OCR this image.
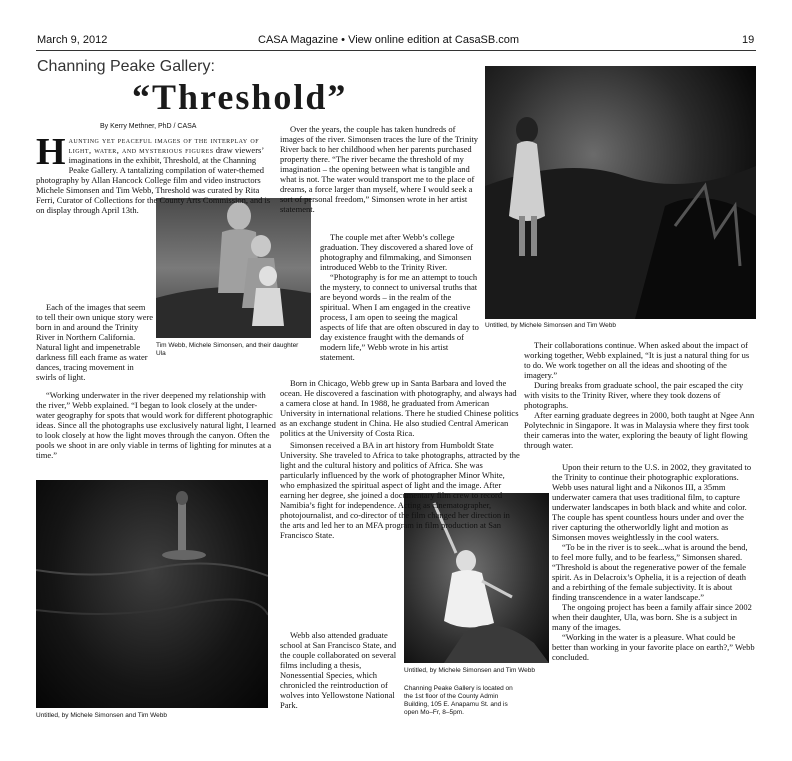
March 9, 2012	CASA Magazine • View online edition at CasaSB.com	19
Channing Peake Gallery:
“Threshold”
By Kerry Methner, PhD / CASA
Untitled, by Michele Simonsen and Tim Webb
Tim Webb, Michele Simonsen, and their daughter Ula
Untitled, by Michele Simonsen and Tim Webb
Untitled, by Michele Simonsen and Tim Webb
Channing Peake Gallery is located on the 1st floor of the County Admin Building, 105 E. Anapamu St. and is open Mo–Fr, 8–5pm.
H aunting yet peaceful images of the interplay of light, water, and mysterious figures draw viewers’ imaginations in the exhibit, Threshold, at the Channing Peake Gallery. A tantalizing compilation of water-themed photography by Allan Hancock College film and video instructors Michele Simonsen and Tim Webb, Threshold was curated by Rita Ferri, Curator of Collections for the County Arts Commission, and is on display through April 13th.

Each of the images that seem to tell their own unique story were born in and around the Trinity River in Northern California. Natural light and impenetrable darkness fill each frame as water dances, tracing movement in swirls of light.

“Working underwater in the river deepened my relationship with the river,” Webb explained. “I began to look closely at the under-water geography for spots that would work for different photographic ideas. Since all the photographs use exclusively natural light, I learned to look closely at how the light moves through the canyon. Often the pools we shoot in are only viable in terms of lighting for minutes at a time.”

Over the years, the couple has taken hundreds of images of the river. Simonsen traces the lure of the Trinity River back to her childhood when her parents purchased property there. “The river became the threshold of my imagination – the opening between what is tangible and what is not. The water would transport me to the place of dreams, a force larger than myself, where I would seek a sort of personal freedom,” Simonsen wrote in her artist statement.

The couple met after Webb’s college graduation. They discovered a shared love of photography and filmmaking, and Simonsen introduced Webb to the Trinity River.

“Photography is for me an attempt to touch the mystery, to connect to universal truths that are beyond words – in the realm of the spiritual. When I am engaged in the creative process, I am open to seeing the magical aspects of life that are often obscured in day to day existence fraught with the demands of modern life,” Webb wrote in his artist statement.

Born in Chicago, Webb grew up in Santa Barbara and loved the ocean. He discovered a fascination with photography, and always had a camera close at hand. In 1988, he graduated from American University in international relations. There he studied Chinese politics as an exchange student in China. He also studied Central American politics at the University of Costa Rica.

Simonsen received a BA in art history from Humboldt State University. She traveled to Africa to take photographs, attracted by the light and the cultural history and politics of Africa. She was particularly influenced by the work of photographer Minor White, who emphasized the spiritual aspect of light and the image. After earning her degree, she joined a documentary film crew to record Namibia’s fight for independence. Acting as cinematographer, photojournalist, and co-director of the film changed her direction in the arts and led her to an MFA program in film production at San Francisco State.

Webb also attended graduate school at San Francisco State, and the couple collaborated on several films including a thesis, Nonessential Species, which chronicled the reintroduction of wolves into Yellowstone National Park.

Their collaborations continue. When asked about the impact of working together, Webb explained, “It is just a natural thing for us to do. We work together on all the ideas and shooting of the imagery.”

During breaks from graduate school, the pair escaped the city with visits to the Trinity River, where they took dozens of photographs.

After earning graduate degrees in 2000, both taught at Ngee Ann Polytechnic in Singapore. It was in Malaysia where they first took their cameras into the water, exploring the beauty of light flowing through water.

Upon their return to the U.S. in 2002, they gravitated to the Trinity to continue their photographic explorations. Webb uses natural light and a Nikonos III, a 35mm underwater camera that uses traditional film, to capture underwater landscapes in both black and white and color. The couple has spent countless hours under and over the river capturing the otherworldly light and motion as Simonsen moves weightlessly in the cool waters.

“To be in the river is to seek...what is around the bend, to feel more fully, and to be fearless,” Simonsen shared. “Threshold is about the regenerative power of the female spirit. As in Delacroix’s Ophelia, it is a rejection of death and a rebirthing of the female subjectivity. It is about finding transcendence in a water landscape.”

The ongoing project has been a family affair since 2002 when their daughter, Ula, was born. She is a subject in many of the images.

“Working in the water is a pleasure. What could be better than working in your favorite place on earth?,” Webb concluded.
